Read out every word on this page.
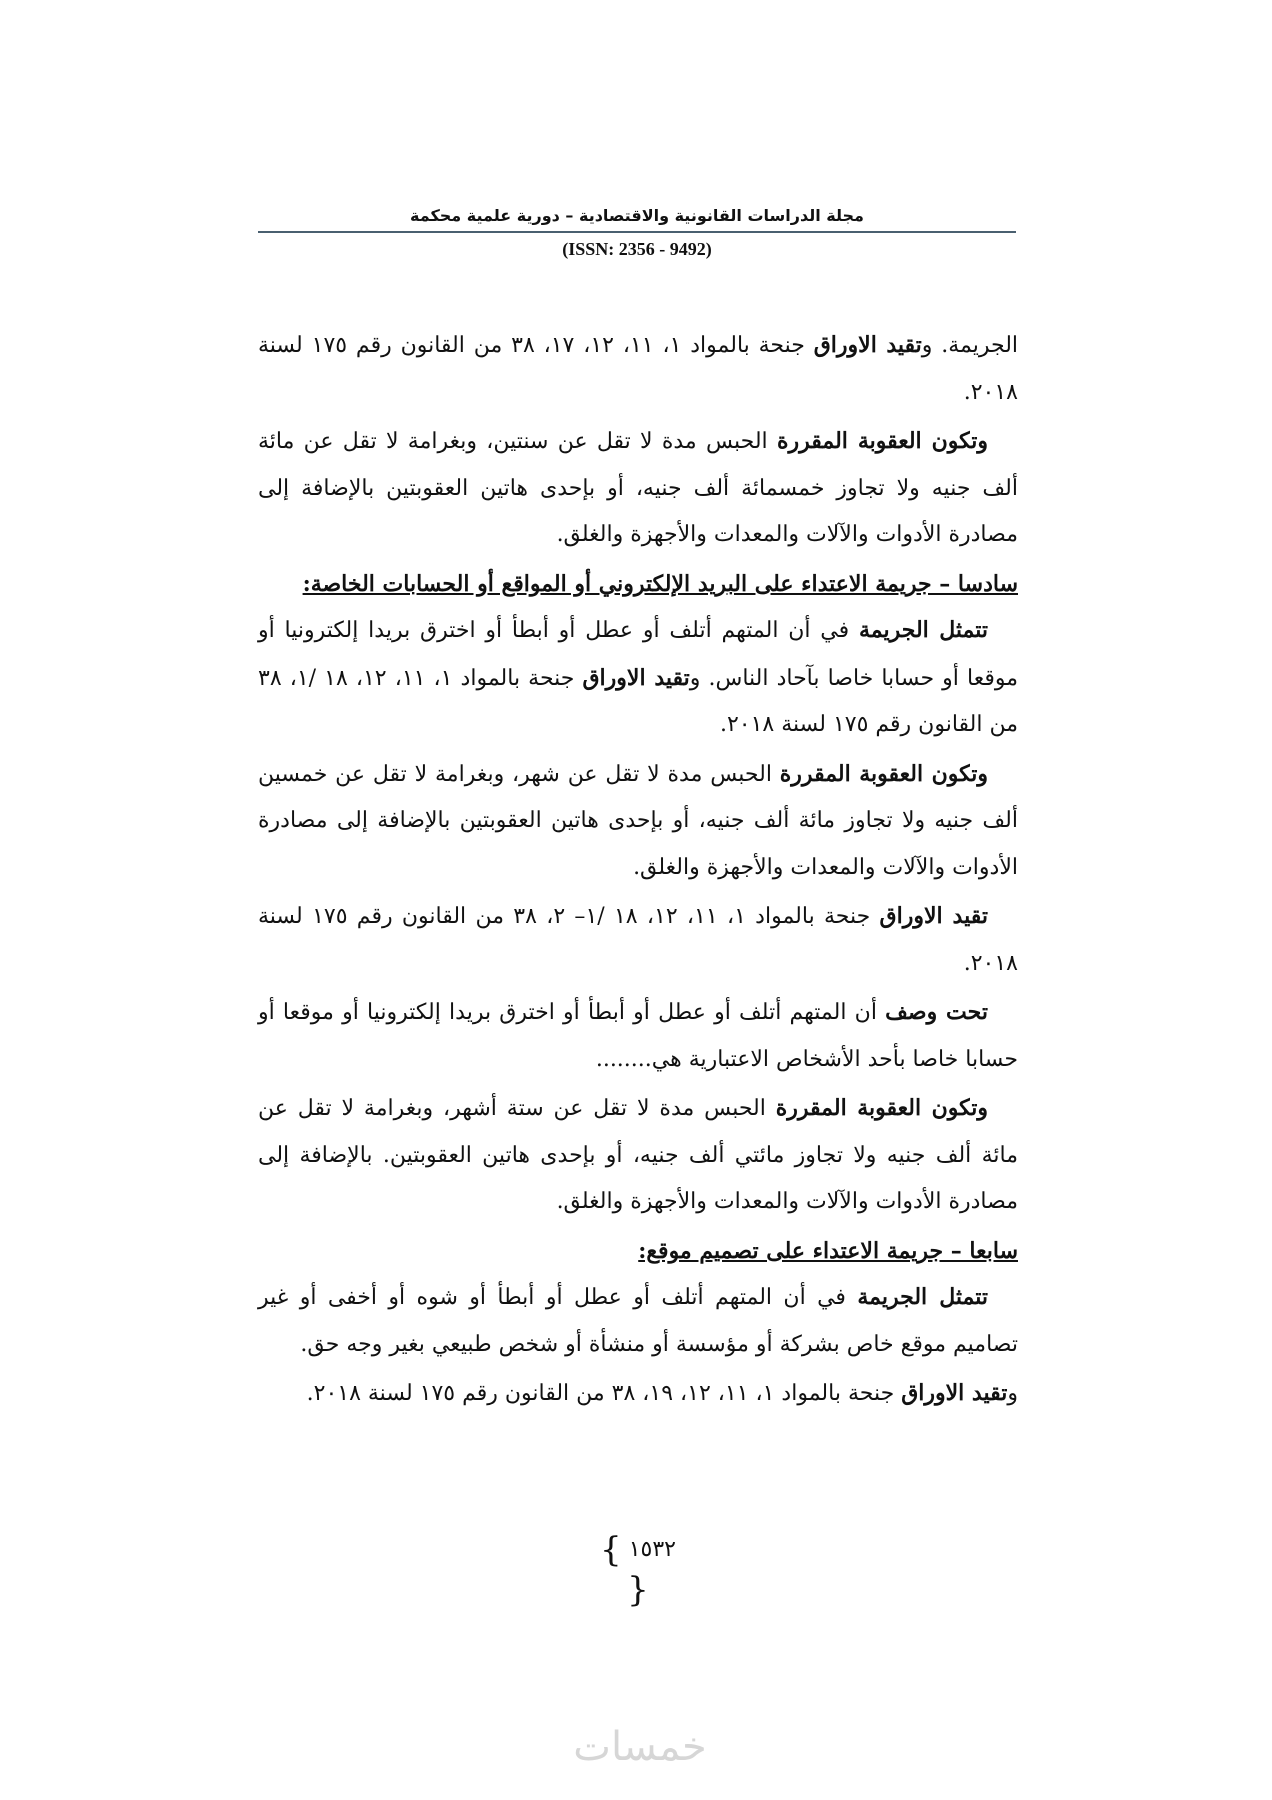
مجلة الدراسات القانونية والاقتصادية – دورية علمية محكمة
(ISSN: 2356 - 9492)

الجريمة. وتقيد الاوراق جنحة بالمواد ١، ١١، ١٢، ١٧، ٣٨ من القانون رقم ١٧٥ لسنة ٢٠١٨.

وتكون العقوبة المقررة الحبس مدة لا تقل عن سنتين، وبغرامة لا تقل عن مائة ألف جنيه ولا تجاوز خمسمائة ألف جنيه، أو بإحدى هاتين العقوبتين بالإضافة إلى مصادرة الأدوات والآلات والمعدات والأجهزة والغلق.

سادسا – جريمة الاعتداء على البريد الإلكتروني أو المواقع أو الحسابات الخاصة:

تتمثل الجريمة في أن المتهم أتلف أو عطل أو أبطأ أو اخترق بريدا إلكترونيا أو موقعا أو حسابا خاصا بآحاد الناس. وتقيد الاوراق جنحة بالمواد ١، ١١، ١٢، ١٨ /١، ٣٨ من القانون رقم ١٧٥ لسنة ٢٠١٨.

وتكون العقوبة المقررة الحبس مدة لا تقل عن شهر، وبغرامة لا تقل عن خمسين ألف جنيه ولا تجاوز مائة ألف جنيه، أو بإحدى هاتين العقوبتين بالإضافة إلى مصادرة الأدوات والآلات والمعدات والأجهزة والغلق.

تقيد الاوراق جنحة بالمواد ١، ١١، ١٢، ١٨ /١– ٢، ٣٨ من القانون رقم ١٧٥ لسنة ٢٠١٨.

تحت وصف أن المتهم أتلف أو عطل أو أبطأ أو اخترق بريدا إلكترونيا أو موقعا أو حسابا خاصا بأحد الأشخاص الاعتبارية هي........

وتكون العقوبة المقررة الحبس مدة لا تقل عن ستة أشهر، وبغرامة لا تقل عن مائة ألف جنيه ولا تجاوز مائتي ألف جنيه، أو بإحدى هاتين العقوبتين. بالإضافة إلى مصادرة الأدوات والآلات والمعدات والأجهزة والغلق.

سابعا – جريمة الاعتداء على تصميم موقع:

تتمثل الجريمة في أن المتهم أتلف أو عطل أو أبطأ أو شوه أو أخفى أو غير تصاميم موقع خاص بشركة أو مؤسسة أو منشأة أو شخص طبيعي بغير وجه حق.

وتقيد الاوراق جنحة بالمواد ١، ١١، ١٢، ١٩، ٣٨ من القانون رقم ١٧٥ لسنة ٢٠١٨.

{ ١٥٣٢ }
خمسات
